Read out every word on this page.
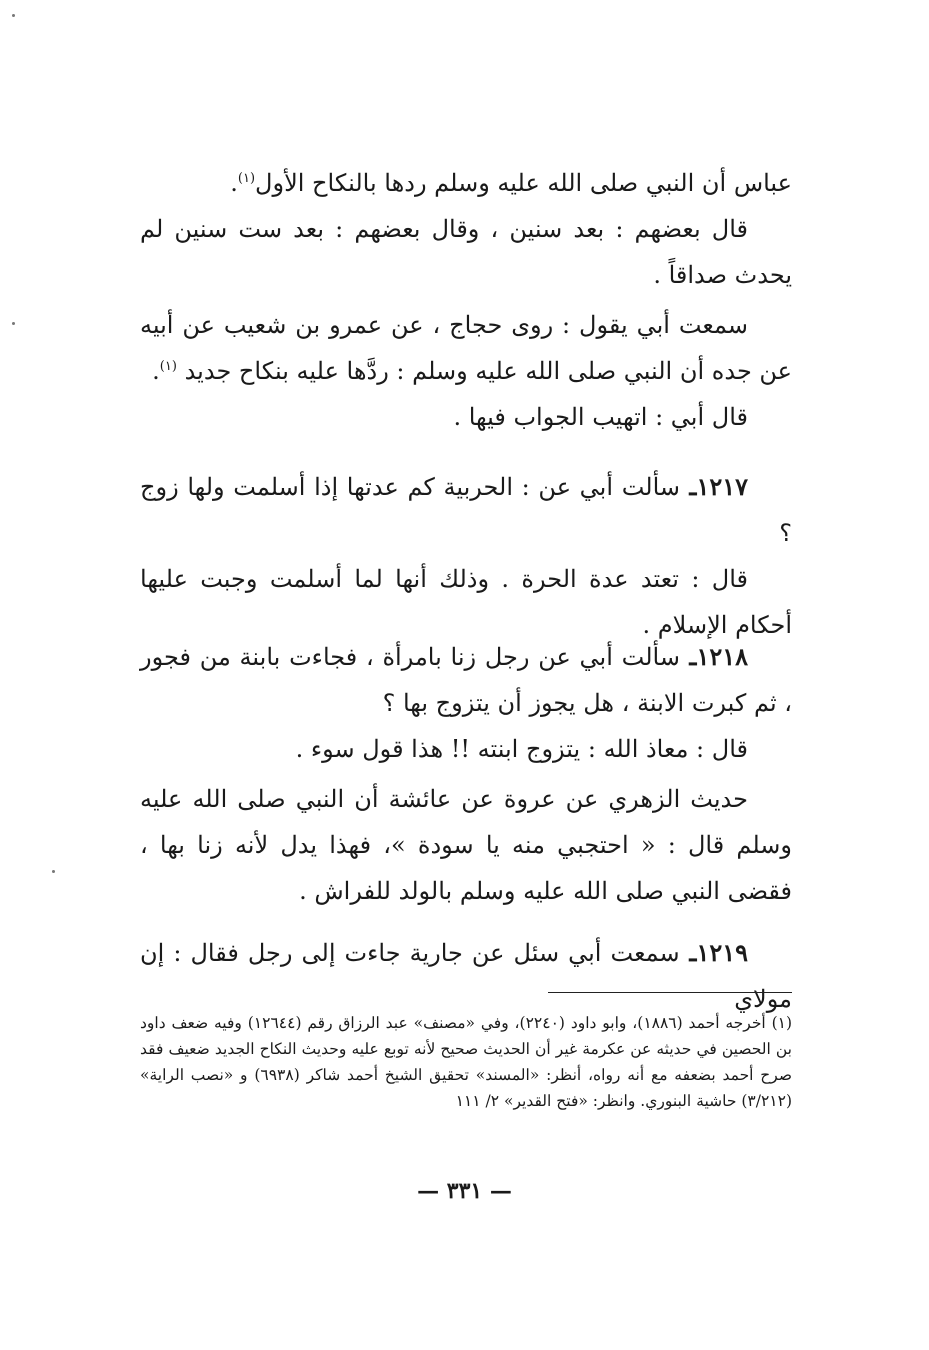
عباس أن النبي صلى الله عليه وسلم ردها بالنكاح الأول$^{(١)}$.

قال بعضهم : بعد سنين ، وقال بعضهم : بعد ست سنين لم يحدث صداقاً .

سمعت أبي يقول : روى حجاج ، عن عمرو بن شعيب عن أبيه عن جده أن النبي صلى الله عليه وسلم : ردَّها عليه بنكاح جديد $^{(١)}$.

قال أبي : اتهيب الجواب فيها .

١٢١٧ـ سألت أبي عن : الحربية كم عدتها إذا أسلمت ولها زوج ؟

قال : تعتد عدة الحرة . وذلك أنها لما أسلمت وجبت عليها أحكام الإسلام .

١٢١٨ـ سألت أبي عن رجل زنا بامرأة ، فجاءت بابنة من فجور ، ثم كبرت الابنة ، هل يجوز أن يتزوج بها ؟

قال : معاذ الله : يتزوج ابنته !! هذا قول سوء .

حديث الزهري عن عروة عن عائشة أن النبي صلى الله عليه وسلم قال : « احتجبي منه يا سودة »، فهذا يدل لأنه زنا بها ، فقضى النبي صلى الله عليه وسلم بالولد للفراش .

١٢١٩ـ سمعت أبي سئل عن جارية جاءت إلى رجل فقال : إن مولاي

(١) أخرجه أحمد (١٨٨٦)، وابو داود (٢٢٤٠)، وفي «مصنف» عبد الرزاق رقم (١٢٦٤٤) وفيه ضعف داود بن الحصين في حديثه عن عكرمة غير أن الحديث صحيح لأنه توبع عليه وحديث النكاح الجديد ضعيف فقد صرح أحمد بضعفه مع أنه رواه، أنظر: «المسند» تحقيق الشيخ أحمد شاكر (٦٩٣٨) و «نصب الراية» (٣/٢١٢) حاشية البنوري. وانظر: «فتح القدير» ٢/ ١١١
— ٣٣١ —
